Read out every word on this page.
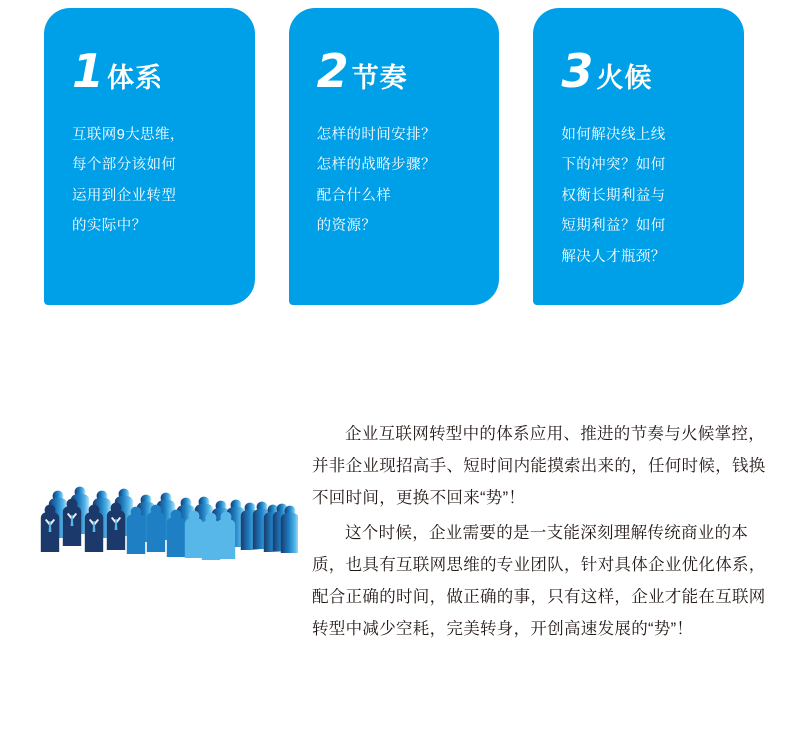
1 体系
互联网9大思维，
每个部分该如何
运用到企业转型
的实际中？
2 节奏
怎样的时间安排？
怎样的战略步骤？
配合什么样
的资源？
3 火候
如何解决线上线
下的冲突？如何
权衡长期利益与
短期利益？如何
解决人才瓶颈？

企业互联网转型中的体系应用、推进的节奏与火候掌控，并非企业现招高手、短时间内能摸索出来的，任何时候，钱换不回时间，更换不回来“势”！

这个时候，企业需要的是一支能深刻理解传统商业的本质，也具有互联网思维的专业团队，针对具体企业优化体系，配合正确的时间，做正确的事，只有这样，企业才能在互联网转型中减少空耗，完美转身，开创高速发展的“势”！
